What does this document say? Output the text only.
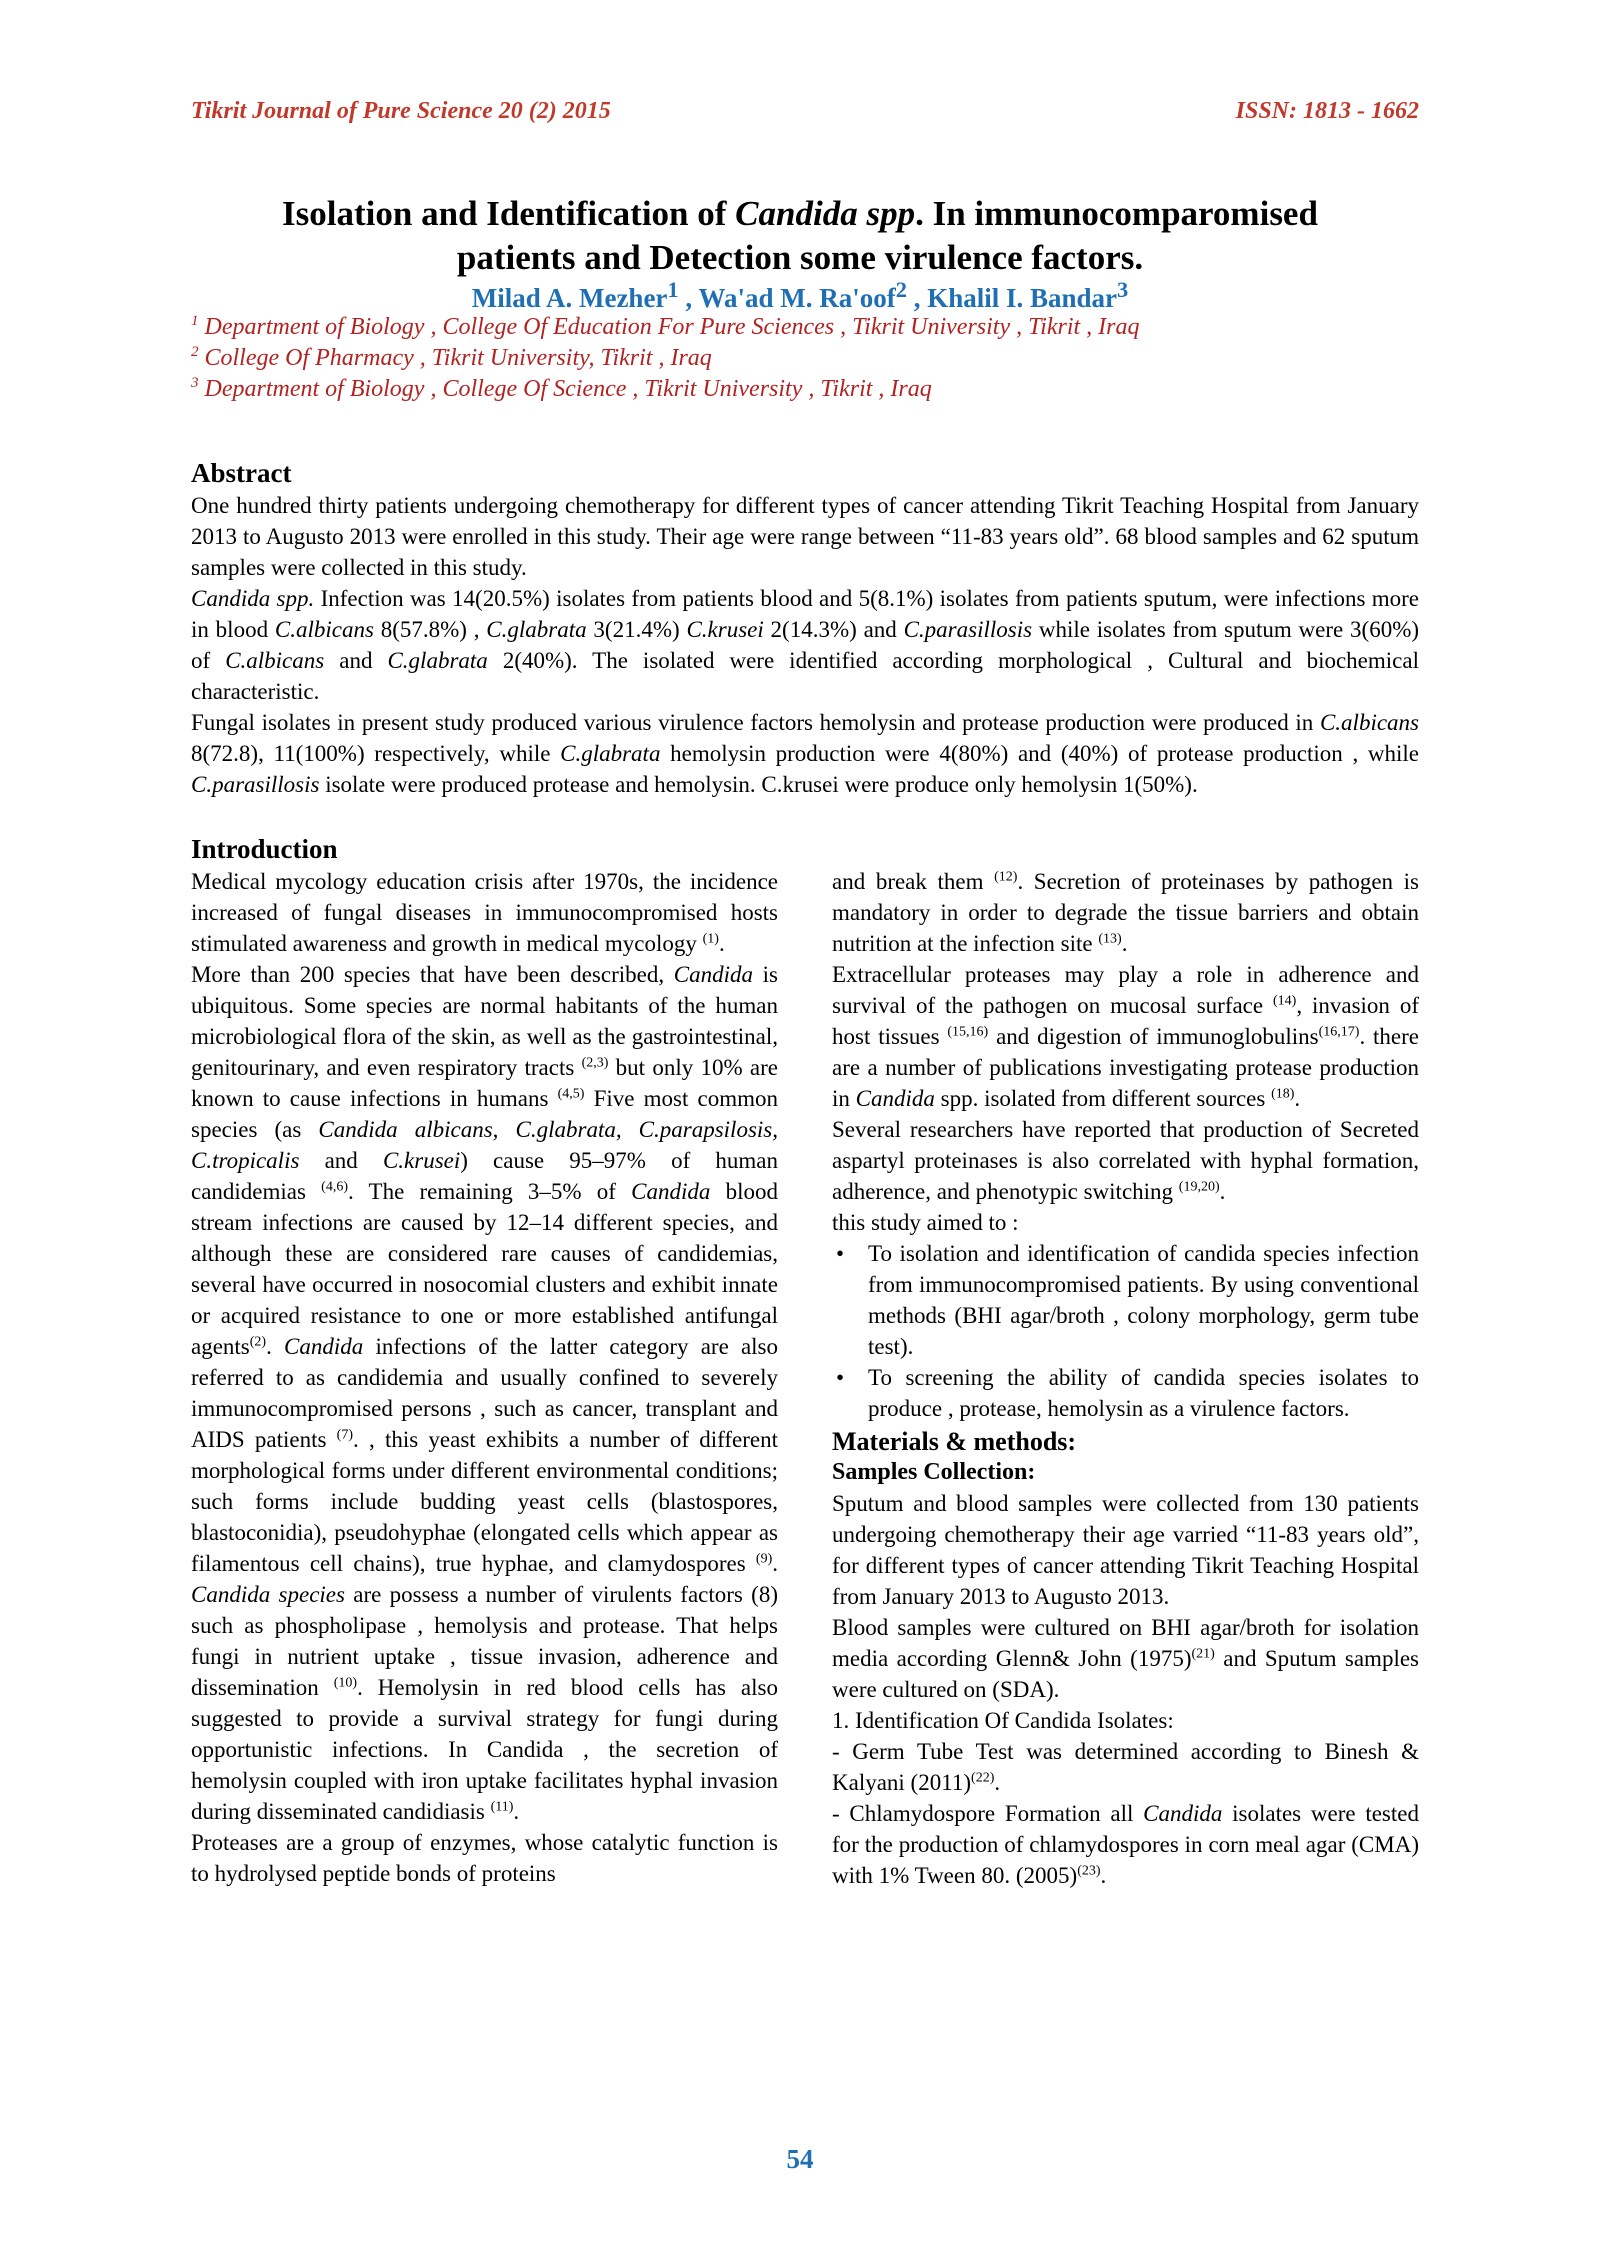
Tikrit Journal of Pure Science 20 (2) 2015	ISSN: 1813 - 1662
Isolation and Identification of Candida spp. In immunocomparomised
patients and Detection some virulence factors.
Milad A. Mezher$^1$ , Wa'ad M. Ra'oof$^2$ , Khalil I. Bandar$^3$
$^1$ Department of Biology , College Of Education For Pure Sciences , Tikrit University , Tikrit , Iraq
$^2$ College Of Pharmacy , Tikrit University, Tikrit , Iraq
$^3$ Department of Biology , College Of Science , Tikrit University , Tikrit , Iraq
Abstract

One hundred thirty patients undergoing chemotherapy for different types of cancer attending Tikrit Teaching Hospital from January 2013 to Augusto 2013 were enrolled in this study. Their age were range between “11-83 years old”. 68 blood samples and 62 sputum samples were collected in this study.

Candida spp. Infection was 14(20.5%) isolates from patients blood and 5(8.1%) isolates from patients sputum, were infections more in blood C.albicans 8(57.8%) , C.glabrata 3(21.4%) C.krusei 2(14.3%) and C.parasillosis while isolates from sputum were 3(60%) of C.albicans and C.glabrata 2(40%). The isolated were identified according morphological , Cultural and biochemical characteristic.

Fungal isolates in present study produced various virulence factors hemolysin and protease production were produced in C.albicans 8(72.8), 11(100%) respectively, while C.glabrata hemolysin production were 4(80%) and (40%) of protease production , while C.parasillosis isolate were produced protease and hemolysin. C.krusei were produce only hemolysin 1(50%).

Introduction

Medical mycology education crisis after 1970s, the incidence increased of fungal diseases in immunocompromised hosts stimulated awareness and growth in medical mycology $^{(1)}$.

More than 200 species that have been described, Candida is ubiquitous. Some species are normal habitants of the human microbiological flora of the skin, as well as the gastrointestinal, genitourinary, and even respiratory tracts $^{(2,3)}$ but only 10% are known to cause infections in humans $^{(4,5)}$ Five most common species (as Candida albicans, C.glabrata, C.parapsilosis, C.tropicalis and C.krusei) cause 95–97% of human candidemias $^{(4,6)}$. The remaining 3–5% of Candida blood stream infections are caused by 12–14 different species, and although these are considered rare causes of candidemias, several have occurred in nosocomial clusters and exhibit innate or acquired resistance to one or more established antifungal agents$^{(2)}$. Candida infections of the latter category are also referred to as candidemia and usually confined to severely immunocompromised persons , such as cancer, transplant and AIDS patients $^{(7)}$. , this yeast exhibits a number of different morphological forms under different environmental conditions; such forms include budding yeast cells (blastospores, blastoconidia), pseudohyphae (elongated cells which appear as filamentous cell chains), true hyphae, and clamydospores $^{(9)}$. Candida species are possess a number of virulents factors (8) such as phospholipase , hemolysis and protease. That helps fungi in nutrient uptake , tissue invasion, adherence and dissemination $^{(10)}$. Hemolysin in red blood cells has also suggested to provide a survival strategy for fungi during opportunistic infections. In Candida , the secretion of hemolysin coupled with iron uptake facilitates hyphal invasion during disseminated candidiasis $^{(11)}$.

Proteases are a group of enzymes, whose catalytic function is to hydrolysed peptide bonds of proteins

and break them $^{(12)}$. Secretion of proteinases by pathogen is mandatory in order to degrade the tissue barriers and obtain nutrition at the infection site $^{(13)}$.

Extracellular proteases may play a role in adherence and survival of the pathogen on mucosal surface $^{(14)}$, invasion of host tissues $^{(15,16)}$ and digestion of immunoglobulins$^{(16,17)}$. there are a number of publications investigating protease production in Candida spp. isolated from different sources $^{(18)}$.

Several researchers have reported that production of Secreted aspartyl proteinases is also correlated with hyphal formation, adherence, and phenotypic switching $^{(19,20)}$.

this study aimed to :

•	To isolation and identification of candida species infection from immunocompromised patients. By using conventional methods (BHI agar/broth , colony morphology, germ tube test).
•	To screening the ability of candida species isolates to produce , protease, hemolysin as a virulence factors.

Materials & methods:

Samples Collection:

Sputum and blood samples were collected from 130 patients undergoing chemotherapy their age varried “11-83 years old”, for different types of cancer attending Tikrit Teaching Hospital from January 2013 to Augusto 2013.

Blood samples were cultured on BHI agar/broth for isolation media according Glenn& John $(1975)^{(21)}$ and Sputum samples were cultured on (SDA).

1. Identification Of Candida Isolates:

- Germ Tube Test was determined according to Binesh & Kalyani $(2011)^{(22)}$.

- Chlamydospore Formation all Candida isolates were tested for the production of chlamydospores in corn meal agar (CMA) with 1% Tween 80. $(2005)^{(23)}$.

54
